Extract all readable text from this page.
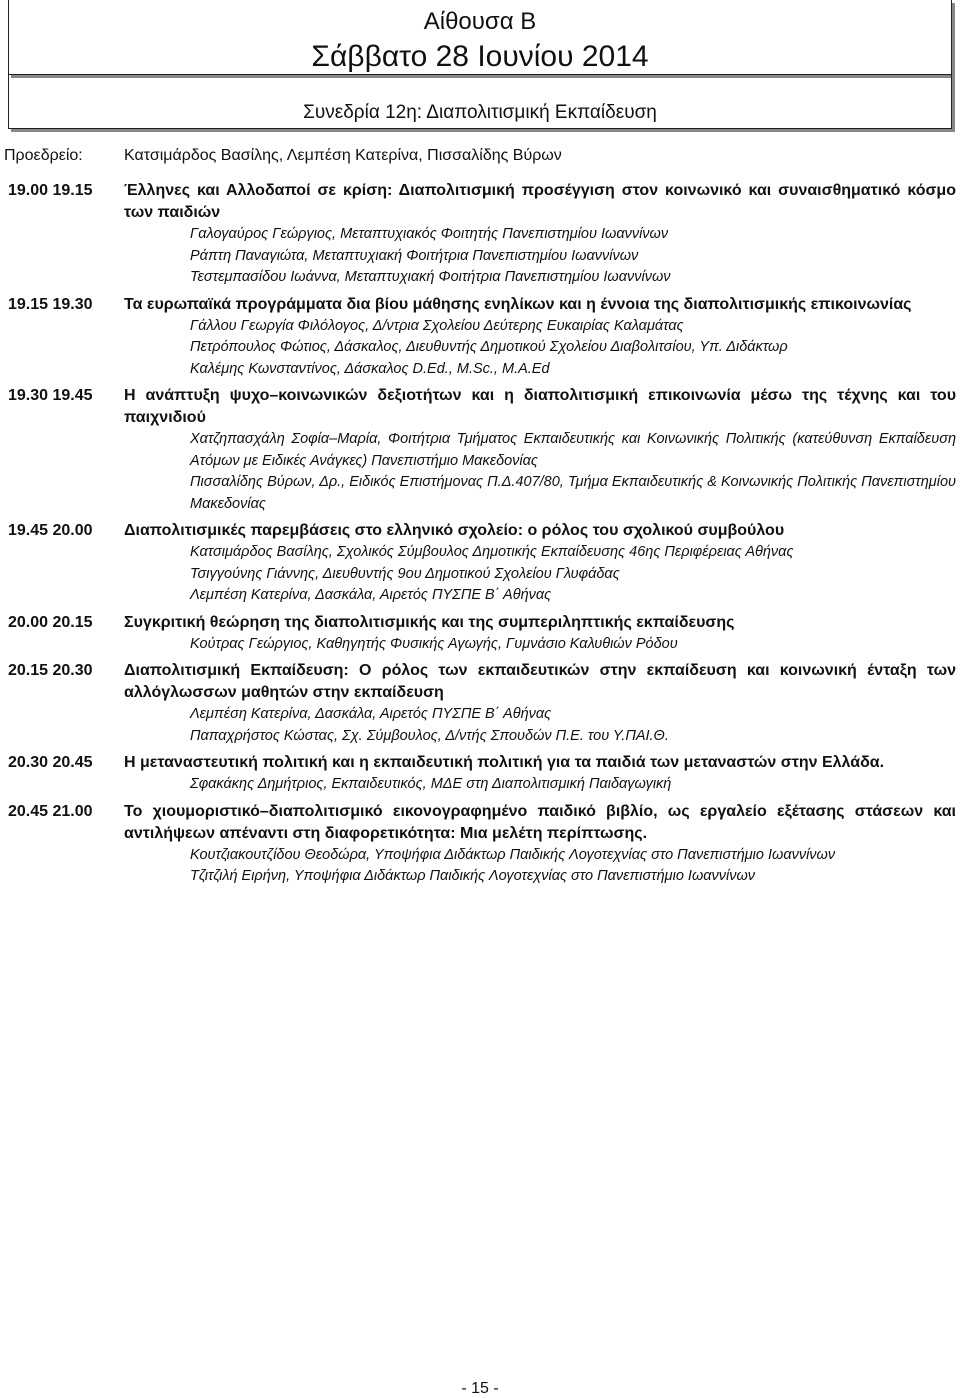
Αίθουσα Β
Σάββατο 28 Ιουνίου 2014
Συνεδρία 12η: Διαπολιτισμική Εκπαίδευση
Προεδρείο:	Κατσιμάρδος Βασίλης, Λεμπέση Κατερίνα, Πισσαλίδης Βύρων
19.00 19.15	Έλληνες και Αλλοδαποί σε κρίση: Διαπολιτισμική προσέγγιση στον κοινωνικό και συναισθηματικό κόσμο των παιδιών
Γαλογαύρος Γεώργιος, Μεταπτυχιακός Φοιτητής Πανεπιστημίου Ιωαννίνων
Ράπτη Παναγιώτα, Μεταπτυχιακή Φοιτήτρια Πανεπιστημίου Ιωαννίνων
Τεστεμπασίδου Ιωάννα, Μεταπτυχιακή Φοιτήτρια Πανεπιστημίου Ιωαννίνων
19.15 19.30	Τα ευρωπαϊκά προγράμματα δια βίου μάθησης ενηλίκων και η έννοια της διαπολιτισμικής επικοινωνίας
Γάλλου Γεωργία Φιλόλογος, Δ/ντρια Σχολείου Δεύτερης Ευκαιρίας Καλαμάτας
Πετρόπουλος Φώτιος, Δάσκαλος, Διευθυντής Δημοτικού Σχολείου Διαβολιτσίου, Υπ. Διδάκτωρ
Καλέμης Κωνσταντίνος, Δάσκαλος D.Ed., M.Sc., M.A.Ed
19.30 19.45	Η ανάπτυξη ψυχο–κοινωνικών δεξιοτήτων και η διαπολιτισμική επικοινωνία μέσω της τέχνης και του παιχνιδιού
Χατζηπασχάλη Σοφία–Μαρία, Φοιτήτρια Τμήματος Εκπαιδευτικής και Κοινωνικής Πολιτικής (κατεύθυνση Εκπαίδευση Ατόμων με Ειδικές Ανάγκες) Πανεπιστήμιο Μακεδονίας
Πισσαλίδης Βύρων, Δρ., Ειδικός Επιστήμονας Π.Δ.407/80, Τμήμα Εκπαιδευτικής & Κοινωνικής Πολιτικής Πανεπιστημίου Μακεδονίας
19.45 20.00	Διαπολιτισμικές παρεμβάσεις στο ελληνικό σχολείο: ο ρόλος του σχολικού συμβούλου
Κατσιμάρδος Βασίλης, Σχολικός Σύμβουλος Δημοτικής Εκπαίδευσης 46ης Περιφέρειας Αθήνας
Τσιγγούνης Γιάννης, Διευθυντής 9ου Δημοτικού Σχολείου Γλυφάδας
Λεμπέση Κατερίνα, Δασκάλα, Αιρετός ΠΥΣΠΕ Β΄ Αθήνας
20.00 20.15	Συγκριτική θεώρηση της διαπολιτισμικής και της συμπεριληπτικής εκπαίδευσης
Κούτρας Γεώργιος, Καθηγητής Φυσικής Αγωγής, Γυμνάσιο Καλυθιών Ρόδου
20.15 20.30	Διαπολιτισμική Εκπαίδευση: Ο ρόλος των εκπαιδευτικών στην εκπαίδευση και κοινωνική ένταξη των αλλόγλωσσων μαθητών στην εκπαίδευση
Λεμπέση Κατερίνα, Δασκάλα, Αιρετός ΠΥΣΠΕ Β΄ Αθήνας
Παπαχρήστος Κώστας, Σχ. Σύμβουλος, Δ/ντής Σπουδών Π.Ε. του Υ.ΠΑΙ.Θ.
20.30 20.45	Η μεταναστευτική πολιτική και η εκπαιδευτική πολιτική για τα παιδιά των μεταναστών στην Ελλάδα.
Σφακάκης Δημήτριος, Εκπαιδευτικός, ΜΔΕ στη Διαπολιτισμική Παιδαγωγική
20.45 21.00	Το χιουμοριστικό–διαπολιτισμικό εικονογραφημένο παιδικό βιβλίο, ως εργαλείο εξέτασης στάσεων και αντιλήψεων απέναντι στη διαφορετικότητα: Μια μελέτη περίπτωσης.
Κουτζιακουτζίδου Θεοδώρα, Υποψήφια Διδάκτωρ Παιδικής Λογοτεχνίας στο Πανεπιστήμιο Ιωαννίνων
Τζιτζιλή Ειρήνη, Υποψήφια Διδάκτωρ Παιδικής Λογοτεχνίας στο Πανεπιστήμιο Ιωαννίνων
- 15 -
